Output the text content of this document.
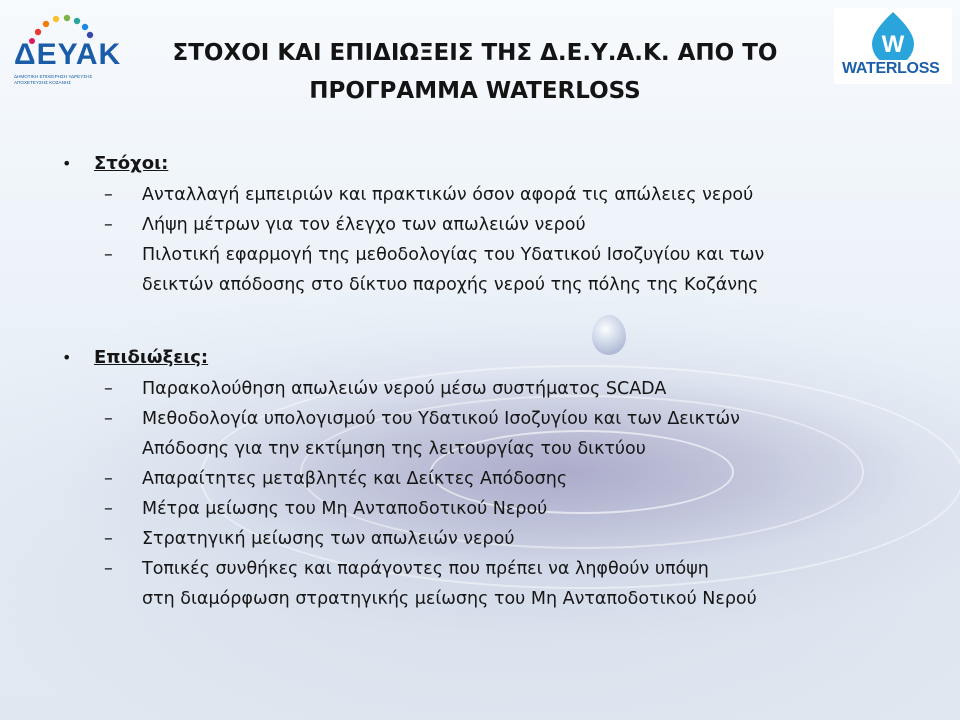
ΔΕΥΑΚ
ΔΗΜΟΤΙΚΗ ΕΠΙΧΕΙΡΗΣΗ ΥΔΡΕΥΣΗΣ ΑΠΟΧΕΤΕΥΣΗΣ ΚΟΖΑΝΗΣ
W
WATERLOSS
ΣΤΟΧΟΙ ΚΑΙ ΕΠΙΔΙΩΞΕΙΣ ΤΗΣ Δ.Ε.Υ.Α.Κ. ΑΠΟ ΤΟ
ΠΡΟΓΡΑΜΜΑ WATERLOSS
• Στόχοι:
– Ανταλλαγή εμπειριών και πρακτικών όσον αφορά τις απώλειες νερού
– Λήψη μέτρων για τον έλεγχο των απωλειών νερού
– Πιλοτική εφαρμογή της μεθοδολογίας του Υδατικού Ισοζυγίου και των
δεικτών απόδοσης στο δίκτυο παροχής νερού της πόλης της Κοζάνης
• Επιδιώξεις:
– Παρακολούθηση απωλειών νερού μέσω συστήματος SCADA
– Μεθοδολογία υπολογισμού του Υδατικού Ισοζυγίου και των Δεικτών
Απόδοσης για την εκτίμηση της λειτουργίας του δικτύου
– Απαραίτητες μεταβλητές και Δείκτες Απόδοσης
– Μέτρα μείωσης του Μη Ανταποδοτικού Νερού
– Στρατηγική μείωσης των απωλειών νερού
– Τοπικές συνθήκες και παράγοντες που πρέπει να ληφθούν υπόψη
στη διαμόρφωση στρατηγικής μείωσης του Μη Ανταποδοτικού Νερού
